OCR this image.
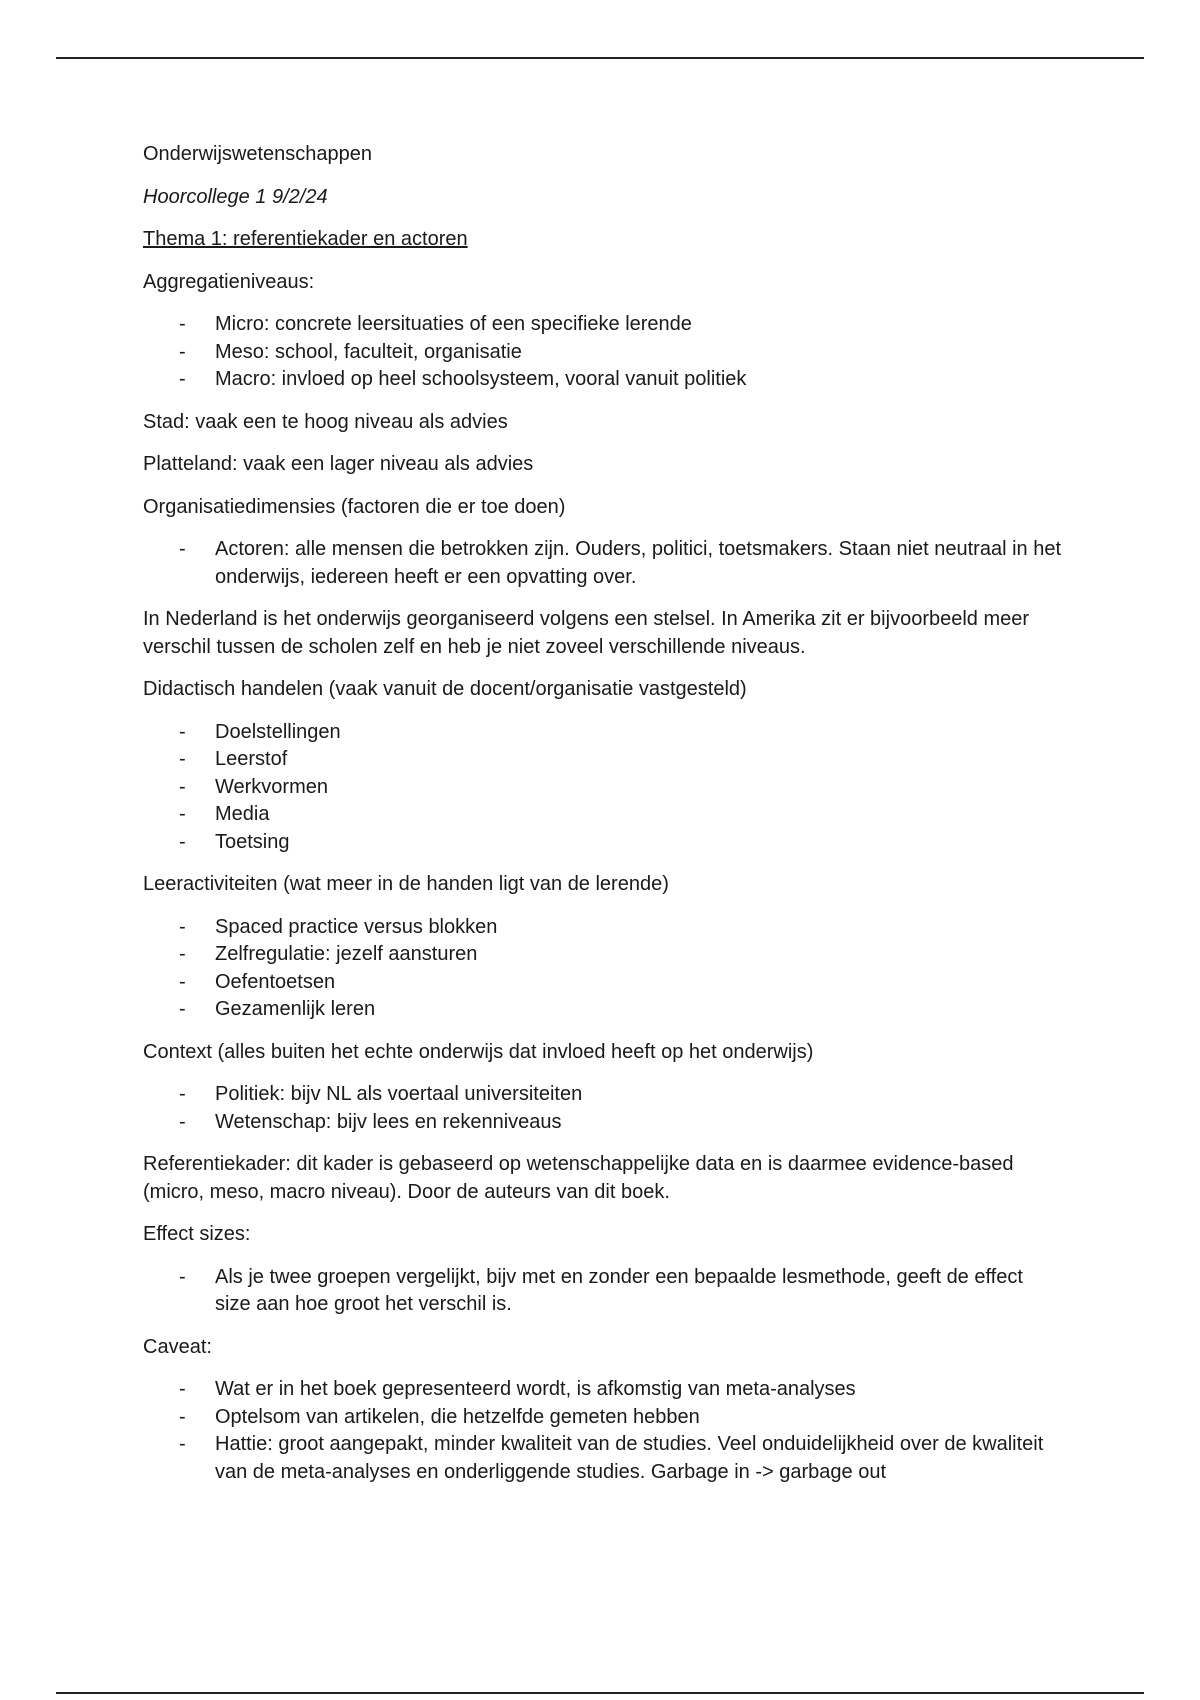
Onderwijswetenschappen

Hoorcollege 1 9/2/24

Thema 1: referentiekader en actoren

Aggregatieniveaus:

- Micro: concrete leersituaties of een specifieke lerende
- Meso: school, faculteit, organisatie
- Macro: invloed op heel schoolsysteem, vooral vanuit politiek

Stad: vaak een te hoog niveau als advies

Platteland: vaak een lager niveau als advies

Organisatiedimensies (factoren die er toe doen)

- Actoren: alle mensen die betrokken zijn. Ouders, politici, toetsmakers. Staan niet neutraal in het onderwijs, iedereen heeft er een opvatting over.

In Nederland is het onderwijs georganiseerd volgens een stelsel. In Amerika zit er bijvoorbeeld meer verschil tussen de scholen zelf en heb je niet zoveel verschillende niveaus.

Didactisch handelen (vaak vanuit de docent/organisatie vastgesteld)

- Doelstellingen
- Leerstof
- Werkvormen
- Media
- Toetsing

Leeractiviteiten (wat meer in de handen ligt van de lerende)

- Spaced practice versus blokken
- Zelfregulatie: jezelf aansturen
- Oefentoetsen
- Gezamenlijk leren

Context (alles buiten het echte onderwijs dat invloed heeft op het onderwijs)

- Politiek: bijv NL als voertaal universiteiten
- Wetenschap: bijv lees en rekenniveaus

Referentiekader: dit kader is gebaseerd op wetenschappelijke data en is daarmee evidence-based (micro, meso, macro niveau). Door de auteurs van dit boek.

Effect sizes:

- Als je twee groepen vergelijkt, bijv met en zonder een bepaalde lesmethode, geeft de effect size aan hoe groot het verschil is.

Caveat:

- Wat er in het boek gepresenteerd wordt, is afkomstig van meta-analyses
- Optelsom van artikelen, die hetzelfde gemeten hebben
- Hattie: groot aangepakt, minder kwaliteit van de studies. Veel onduidelijkheid over de kwaliteit van de meta-analyses en onderliggende studies. Garbage in -> garbage out
